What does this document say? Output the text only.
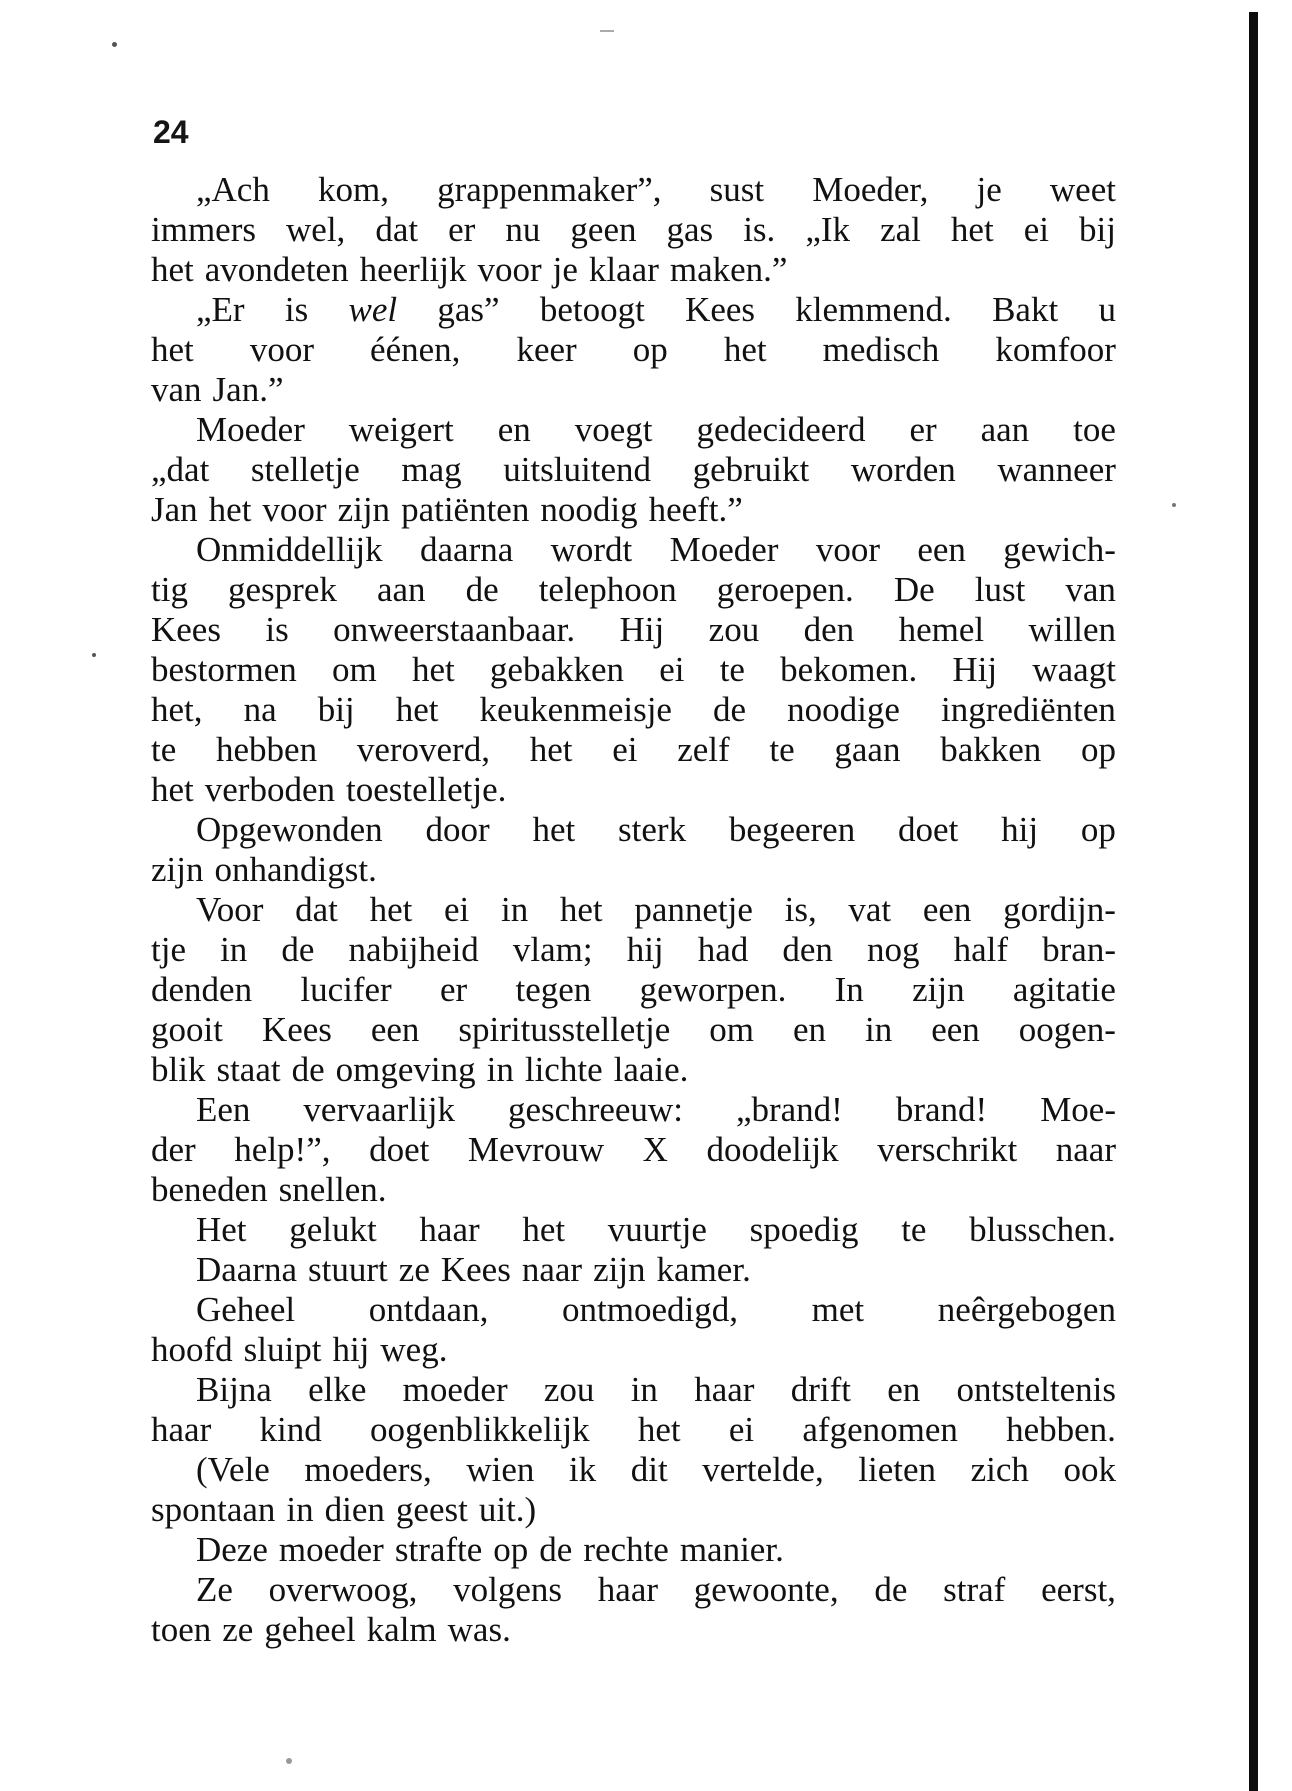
24
„Ach kom, grappenmaker”, sust Moeder, je weet
immers wel, dat er nu geen gas is. „Ik zal het ei bij
het avondeten heerlijk voor je klaar maken.”
„Er is wel gas” betoogt Kees klemmend. Bakt u
het voor éénen, keer op het medisch komfoor
van Jan.”
Moeder weigert en voegt gedecideerd er aan toe
„dat stelletje mag uitsluitend gebruikt worden wanneer
Jan het voor zijn patiënten noodig heeft.”
Onmiddellijk daarna wordt Moeder voor een gewich-
tig gesprek aan de telephoon geroepen. De lust van
Kees is onweerstaanbaar. Hij zou den hemel willen
bestormen om het gebakken ei te bekomen. Hij waagt
het, na bij het keukenmeisje de noodige ingrediënten
te hebben veroverd, het ei zelf te gaan bakken op
het verboden toestelletje.
Opgewonden door het sterk begeeren doet hij op
zijn onhandigst.
Voor dat het ei in het pannetje is, vat een gordijn-
tje in de nabijheid vlam; hij had den nog half bran-
denden lucifer er tegen geworpen. In zijn agitatie
gooit Kees een spiritusstelletje om en in een oogen-
blik staat de omgeving in lichte laaie.
Een vervaarlijk geschreeuw: „brand! brand! Moe-
der help!”, doet Mevrouw X doodelijk verschrikt naar
beneden snellen.
Het gelukt haar het vuurtje spoedig te blusschen.
Daarna stuurt ze Kees naar zijn kamer.
Geheel ontdaan, ontmoedigd, met neêrgebogen
hoofd sluipt hij weg.
Bijna elke moeder zou in haar drift en ontsteltenis
haar kind oogenblikkelijk het ei afgenomen hebben.
(Vele moeders, wien ik dit vertelde, lieten zich ook
spontaan in dien geest uit.)
Deze moeder strafte op de rechte manier.
Ze overwoog, volgens haar gewoonte, de straf eerst,
toen ze geheel kalm was.
